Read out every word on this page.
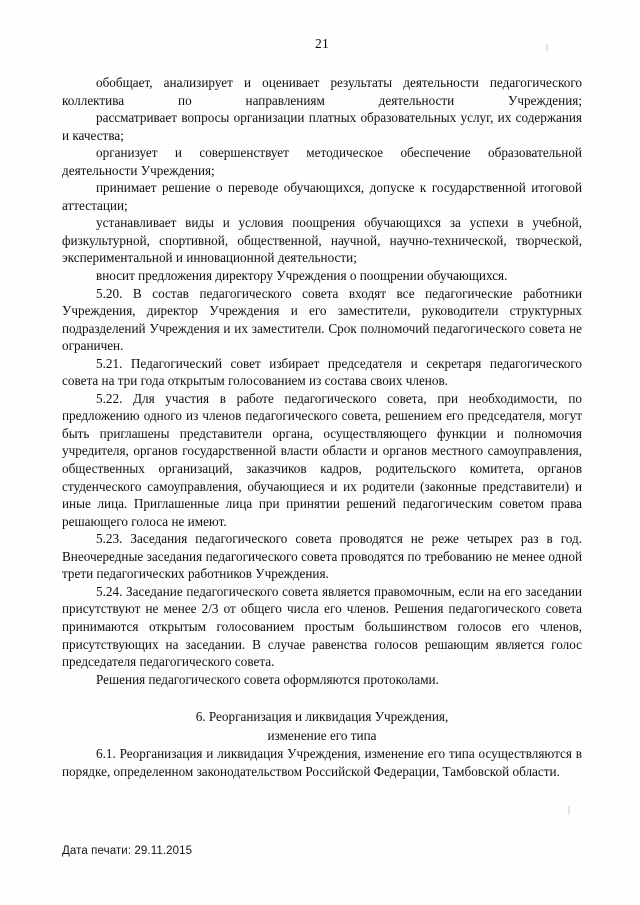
21

обобщает, анализирует и оценивает результаты деятельности педагогического коллектива по направлениям деятельности Учреждения;

рассматривает вопросы организации платных образовательных услуг, их содержания и качества;

организует и совершенствует методическое обеспечение образовательной деятельности Учреждения;

принимает решение о переводе обучающихся, допуске к государственной итоговой аттестации;

устанавливает виды и условия поощрения обучающихся за успехи в учебной, физкультурной, спортивной, общественной, научной, научно-технической, творческой, экспериментальной и инновационной деятельности;

вносит предложения директору Учреждения о поощрении обучающихся.

5.20. В состав педагогического совета входят все педагогические работники Учреждения, директор Учреждения и его заместители, руководители структурных подразделений Учреждения и их заместители. Срок полномочий педагогического совета не ограничен.

5.21. Педагогический совет избирает председателя и секретаря педагогического совета на три года открытым голосованием из состава своих членов.

5.22. Для участия в работе педагогического совета, при необходимости, по предложению одного из членов педагогического совета, решением его председателя, могут быть приглашены представители органа, осуществляющего функции и полномочия учредителя, органов государственной власти области и органов местного самоуправления, общественных организаций, заказчиков кадров, родительского комитета, органов студенческого самоуправления, обучающиеся и их родители (законные представители) и иные лица. Приглашенные лица при принятии решений педагогическим советом права решающего голоса не имеют.

5.23. Заседания педагогического совета проводятся не реже четырех раз в год. Внеочередные заседания педагогического совета проводятся по требованию не менее одной трети педагогических работников Учреждения.

5.24. Заседание педагогического совета является правомочным, если на его заседании присутствуют не менее 2/3 от общего числа его членов. Решения педагогического совета принимаются открытым голосованием простым большинством голосов его членов, присутствующих на заседании. В случае равенства голосов решающим является голос председателя педагогического совета.

Решения педагогического совета оформляются протоколами.

6. Реорганизация и ликвидация Учреждения,
изменение его типа

6.1. Реорганизация и ликвидация Учреждения, изменение его типа осуществляются в порядке, определенном законодательством Российской Федерации, Тамбовской области.

Дата печати: 29.11.2015
